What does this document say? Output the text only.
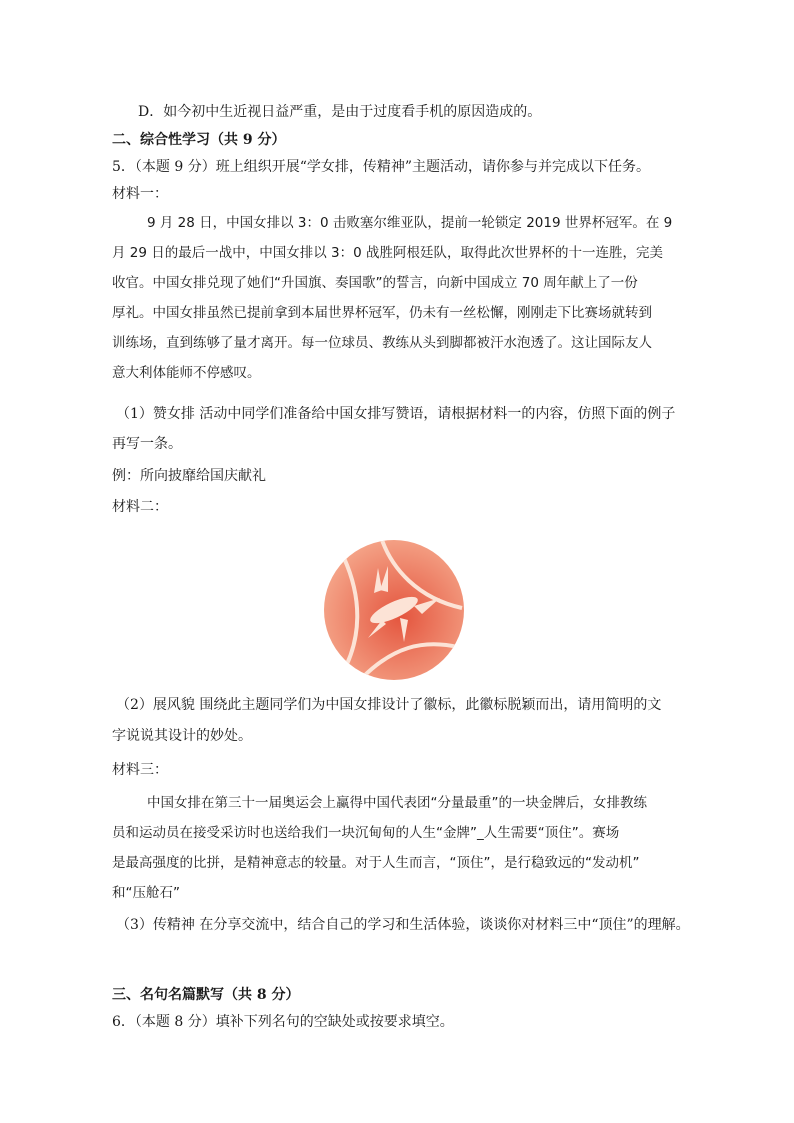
D．如今初中生近视日益严重，是由于过度看手机的原因造成的。
二、综合性学习（共 9 分）
5．（本题 9 分）班上组织开展“学女排，传精神”主题活动，请你参与并完成以下任务。
材料一：
9 月 28 日，中国女排以 3：0 击败塞尔维亚队，提前一轮锁定 2019 世界杯冠军。在 9
月 29 日的最后一战中，中国女排以 3：0 战胜阿根廷队，取得此次世界杯的十一连胜，完美
收官。中国女排兑现了她们“升国旗、奏国歌”的誓言，向新中国成立 70 周年献上了一份
厚礼。中国女排虽然已提前拿到本届世界杯冠军，仍未有一丝松懈，刚刚走下比赛场就转到
训练场，直到练够了量才离开。每一位球员、教练从头到脚都被汗水泡透了。这让国际友人
意大利体能师不停感叹。
（1）赞女排 活动中同学们准备给中国女排写赞语，请根据材料一的内容，仿照下面的例子
再写一条。
例：所向披靡给国庆献礼
材料二：
（2）展风貌 围绕此主题同学们为中国女排设计了徽标，此徽标脱颖而出，请用简明的文
字说说其设计的妙处。
材料三：
中国女排在第三十一届奥运会上赢得中国代表团“分量最重”的一块金牌后，女排教练
员和运动员在接受采访时也送给我们一块沉甸甸的人生“金牌”_人生需要“顶住”。赛场
是最高强度的比拼，是精神意志的较量。对于人生而言，“顶住”，是行稳致远的“发动机”
和“压舱石”
（3）传精神 在分享交流中，结合自己的学习和生活体验，谈谈你对材料三中“顶住”的理解。
三、名句名篇默写（共 8 分）
6．（本题 8 分）填补下列名句的空缺处或按要求填空。
